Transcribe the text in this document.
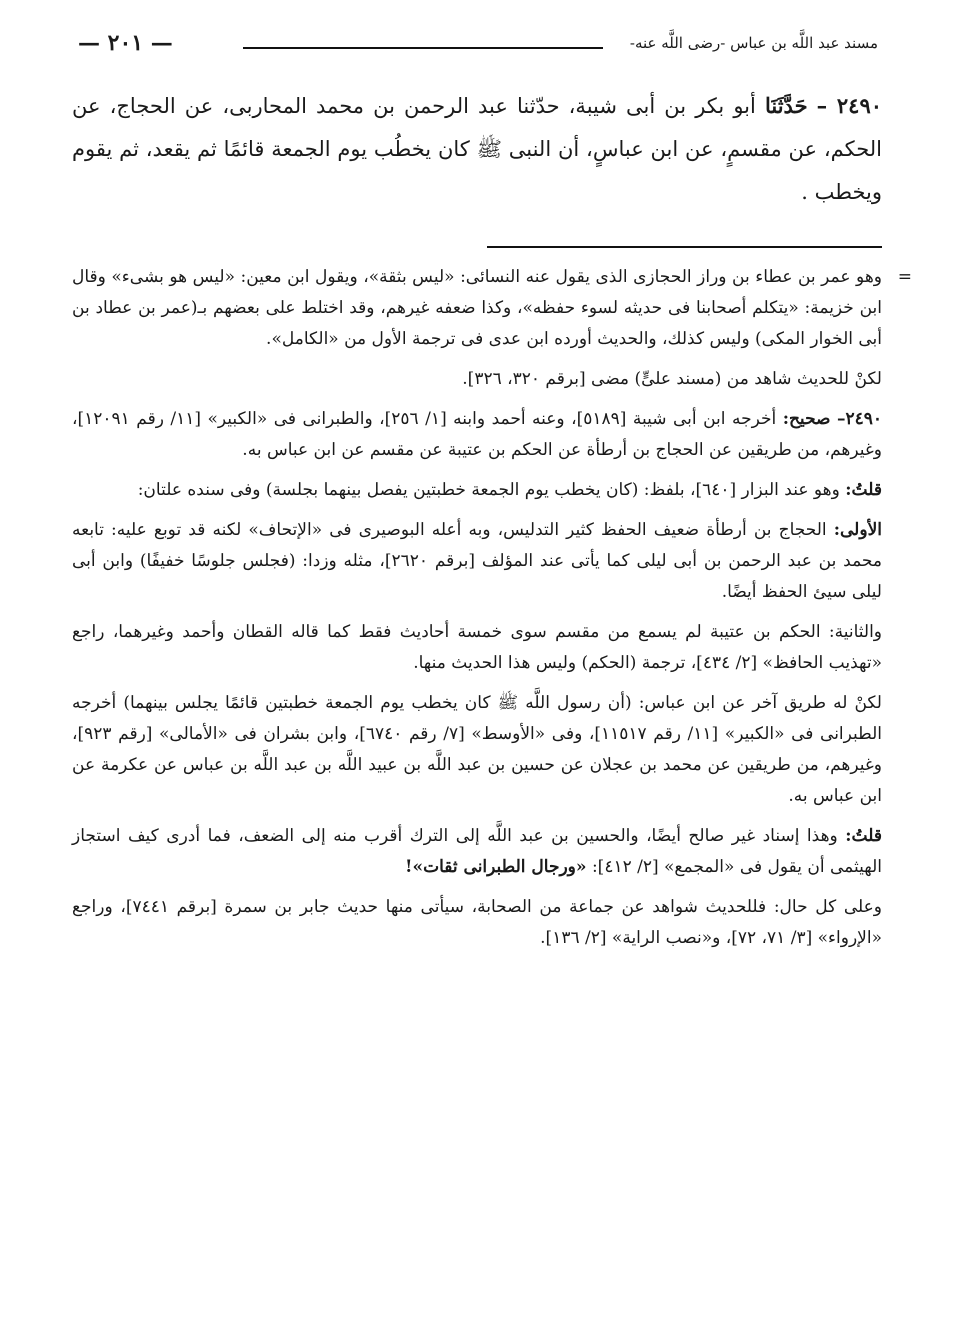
مسند عبد اللَّه بن عباس -رضى اللَّه عنه-
— ٢٠١ —
٢٤٩٠ – حَدَّثَنَا أبو بكر بن أبى شيبة، حدّثنا عبد الرحمن بن محمد المحاربى، عن الحجاج، عن الحكم، عن مقسمٍ، عن ابن عباسٍ، أن النبى ﷺ كان يخطُب يوم الجمعة قائمًا ثم يقعد، ثم يقوم ويخطب .
=
وهو عمر بن عطاء بن وراز الحجازى الذى يقول عنه النسائى: «ليس بثقة»، ويقول ابن معين: «ليس هو بشىء» وقال ابن خزيمة: «يتكلم أصحابنا فى حديثه لسوء حفظه»، وكذا ضعفه غيرهم، وقد اختلط على بعضهم بـ(عمر بن عطاد بن أبى الخوار المكى) وليس كذلك، والحديث أورده ابن عدى فى ترجمة الأول من «الكامل».
لكنْ للحديث شاهد من (مسند علىٍّ) مضى [برقم ٣٢٠، ٣٢٦].
٢٤٩٠– صحيح: أخرجه ابن أبى شيبة [٥١٨٩]، وعنه أحمد وابنه [١/ ٢٥٦]، والطبرانى فى «الكبير» [١١/ رقم ١٢٠٩١]، وغيرهم، من طريقين عن الحجاج بن أرطأة عن الحكم بن عتيبة عن مقسم عن ابن عباس به.
قلتُ: وهو عند البزار [٦٤٠]، بلفظ: (كان يخطب يوم الجمعة خطبتين يفصل بينهما بجلسة) وفى سنده علتان:
الأولى: الحجاج بن أرطأة ضعيف الحفظ كثير التدليس، وبه أعله البوصيرى فى «الإتحاف» لكنه قد توبع عليه: تابعه محمد بن عبد الرحمن بن أبى ليلى كما يأتى عند المؤلف [برقم ٢٦٢٠]، مثله وزدا: (فجلس جلوسًا خفيفًا) وابن أبى ليلى سيئ الحفظ أيضًا.
والثانية: الحكم بن عتيبة لم يسمع من مقسم سوى خمسة أحاديث فقط كما قاله القطان وأحمد وغيرهما، راجع «تهذيب الحافظ» [٢/ ٤٣٤]، ترجمة (الحكم) وليس هذا الحديث منها.
لكنْ له طريق آخر عن ابن عباس: (أن رسول اللَّه ﷺ كان يخطب يوم الجمعة خطبتين قائمًا يجلس بينهما) أخرجه الطبرانى فى «الكبير» [١١/ رقم ١١٥١٧]، وفى «الأوسط» [٧/ رقم ٦٧٤٠]، وابن بشران فى «الأمالى» [رقم ٩٢٣]، وغيرهم، من طريقين عن محمد بن عجلان عن حسين بن عبد اللَّه بن عبيد اللَّه بن عبد اللَّه بن عباس عن عكرمة عن ابن عباس به.
قلتُ: وهذا إسناد غير صالح أيضًا، والحسين بن عبد اللَّه إلى الترك أقرب منه إلى الضعف، فما أدرى كيف استجاز الهيثمى أن يقول فى «المجمع» [٢/ ٤١٢]: «ورجال الطبرانى ثقات»!
وعلى كل حال: فللحديث شواهد عن جماعة من الصحابة، سيأتى منها حديث جابر بن سمرة [برقم ٧٤٤١]، وراجع «الإرواء» [٣/ ٧١، ٧٢]، و«نصب الراية» [٢/ ١٣٦].
